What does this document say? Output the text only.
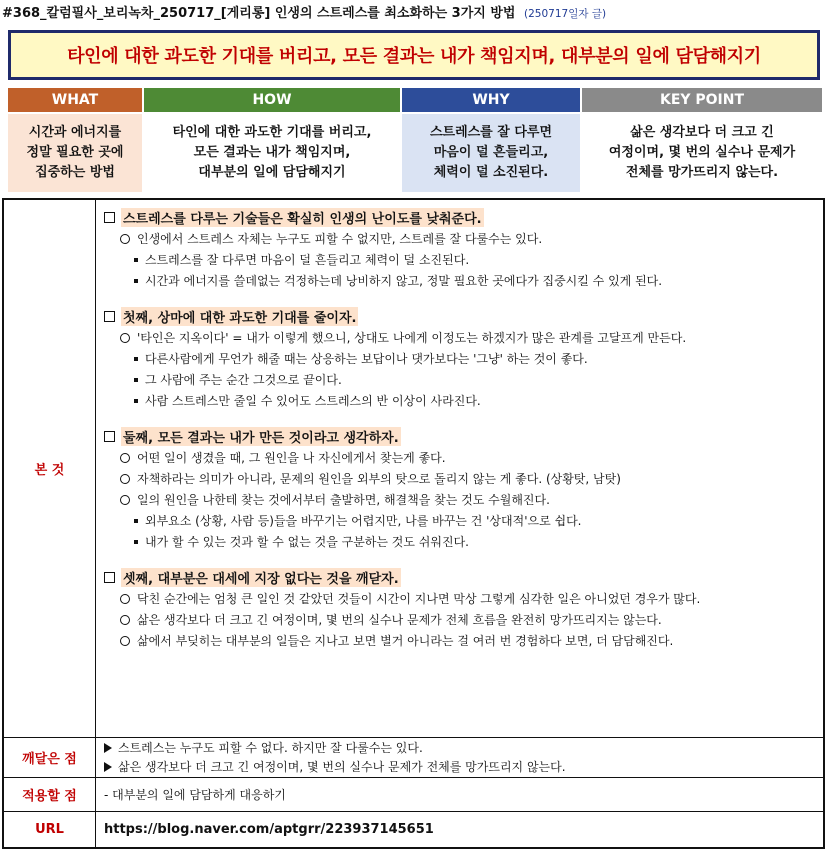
#368_칼럼필사_보리녹차_250717_[게리롱] 인생의 스트레스를 최소화하는 3가지 방법 (250717일자 글)
타인에 대한 과도한 기대를 버리고, 모든 결과는 내가 책임지며, 대부분의 일에 담담해지기
WHAT
시간과 에너지를
정말 필요한 곳에
집중하는 방법
HOW
타인에 대한 과도한 기대를 버리고,
모든 결과는 내가 책임지며,
대부분의 일에 담담해지기
WHY
스트레스를 잘 다루면
마음이 덜 흔들리고,
체력이 덜 소진된다.
KEY POINT
삶은 생각보다 더 크고 긴
여정이며, 몇 번의 실수나 문제가
전체를 망가뜨리지 않는다.
본 것
스트레스를 다루는 기술들은 확실히 인생의 난이도를 낮춰준다.
인생에서 스트레스 자체는 누구도 피할 수 없지만, 스트레를 잘 다룰수는 있다.
스트레스를 잘 다루면 마음이 덜 흔들리고 체력이 덜 소진된다.
시간과 에너지를 쓸데없는 걱정하는데 낭비하지 않고, 정말 필요한 곳에다가 집중시킬 수 있게 된다.
첫째, 상마에 대한 과도한 기대를 줄이자.
'타인은 지옥이다' = 내가 이렇게 했으니, 상대도 나에게 이정도는 하겠지가 많은 관계를 고달프게 만든다.
다른사람에게 무언가 해줄 때는 상응하는 보답이나 댓가보다는 '그냥' 하는 것이 좋다.
그 사람에 주는 순간 그것으로 끝이다.
사람 스트레스만 줄일 수 있어도 스트레스의 반 이상이 사라진다.
둘째, 모든 결과는 내가 만든 것이라고 생각하자.
어떤 일이 생겼을 때, 그 원인을 나 자신에게서 찾는게 좋다.
자책하라는 의미가 아니라, 문제의 원인을 외부의 탓으로 돌리지 않는 게 좋다. (상황탓, 남탓)
일의 원인을 나한테 찾는 것에서부터 출발하면, 해결책을 찾는 것도 수월해진다.
외부요소 (상황, 사람 등)들을 바꾸기는 어렵지만, 나를 바꾸는 건 '상대적'으로 쉽다.
내가 할 수 있는 것과 할 수 없는 것을 구분하는 것도 쉬워진다.
셋째, 대부분은 대세에 지장 없다는 것을 깨닫자.
닥친 순간에는 엄청 큰 일인 것 같았던 것들이 시간이 지나면 막상 그렇게 심각한 일은 아니었던 경우가 많다.
삶은 생각보다 더 크고 긴 여정이며, 몇 번의 실수나 문제가 전체 흐름을 완전히 망가뜨리지는 않는다.
삶에서 부딪히는 대부분의 일들은 지나고 보면 별거 아니라는 걸 여러 번 경험하다 보면, 더 담담해진다.
깨달은 점
스트레스는 누구도 피할 수 없다. 하지만 잘 다룰수는 있다.
삶은 생각보다 더 크고 긴 여정이며, 몇 번의 실수나 문제가 전체를 망가뜨리지 않는다.
적용할 점	- 대부분의 일에 담담하게 대응하기
URL	https://blog.naver.com/aptgrr/223937145651
